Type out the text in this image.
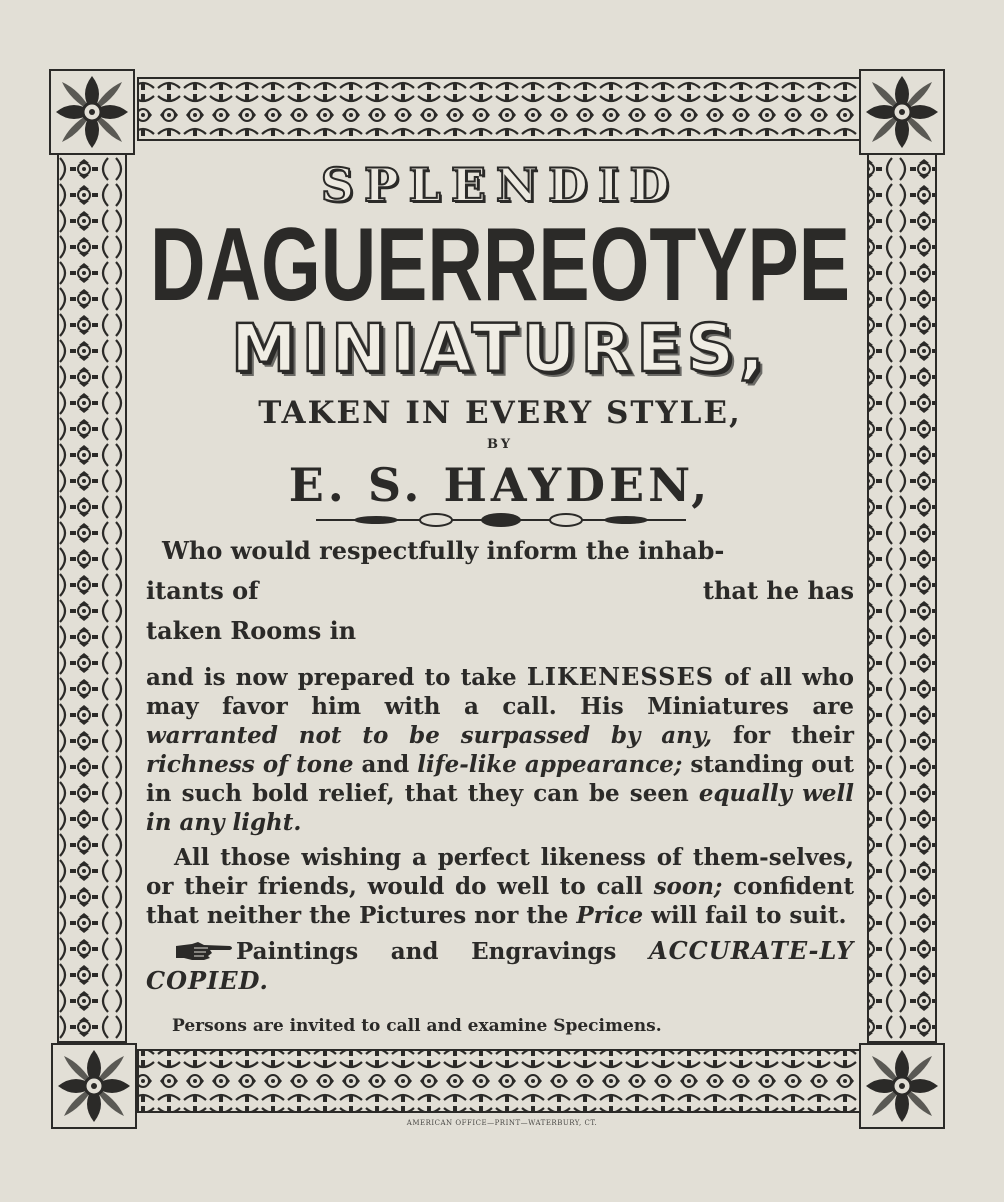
SPLENDID
DAGUERREOTYPE
MINIATURES,
TAKEN IN EVERY STYLE,
BY
E. S. HAYDEN,
Who would respectfully inform the inhab-
itants of	that he has
taken Rooms in

and is now prepared to take LIKENESSES of all who may favor him with a call. His Miniatures are warranted not to be surpassed by any, for their richness of tone and life-like appearance; standing out in such bold relief, that they can be seen equally well in any light.

All those wishing a perfect likeness of them-selves, or their friends, would do well to call soon; confident that neither the Pictures nor the Price will fail to suit.

Paintings and Engravings ACCURATE-LY COPIED.

Persons are invited to call and examine Specimens.
AMERICAN OFFICE—PRINT—WATERBURY, CT.
